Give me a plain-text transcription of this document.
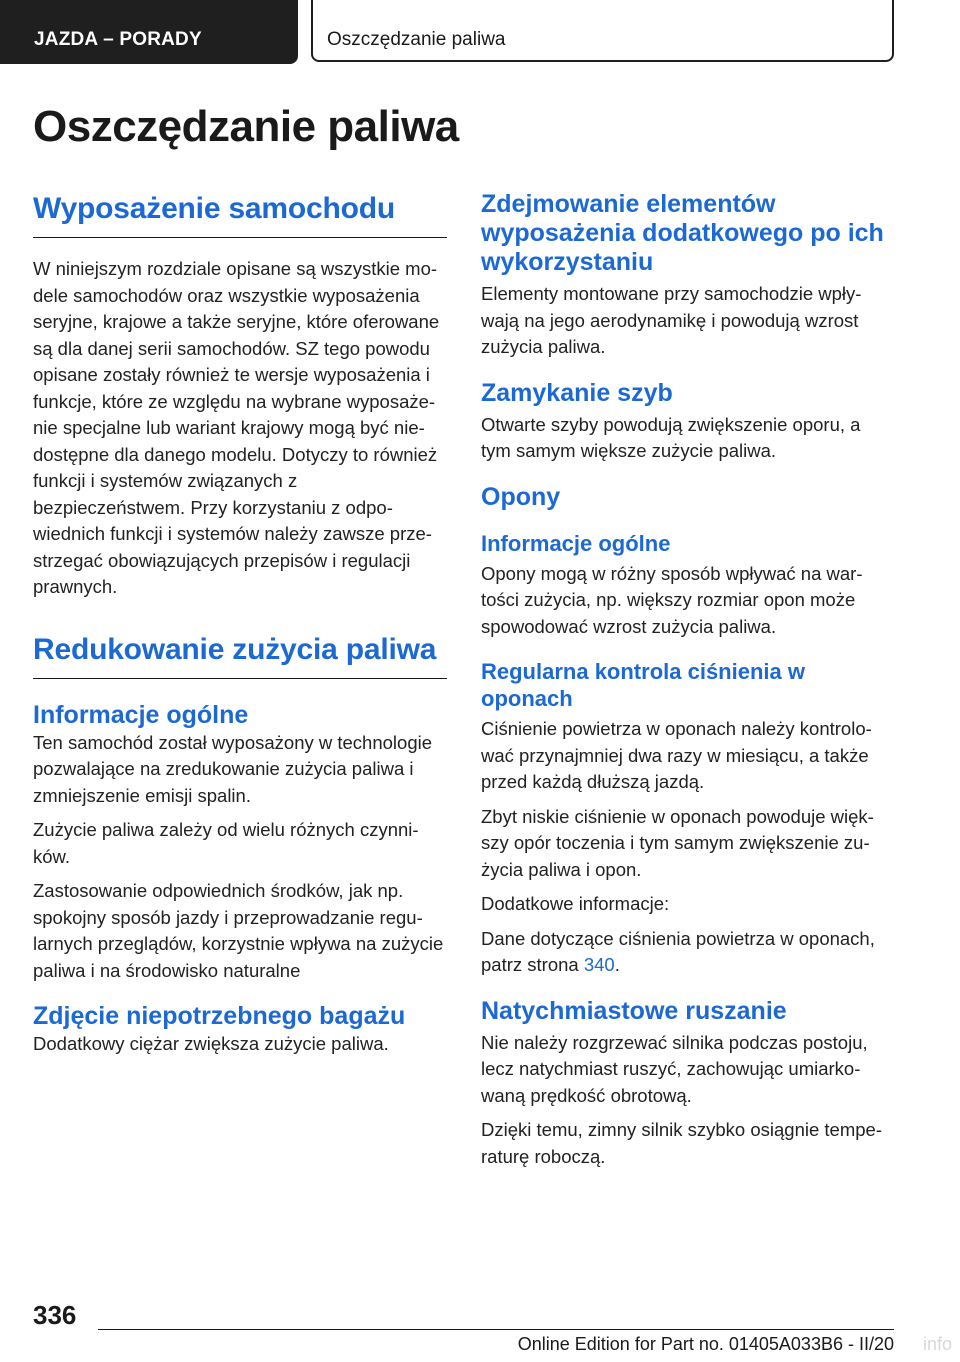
JAZDA – PORADY	Oszczędzanie paliwa
Oszczędzanie paliwa
Wyposażenie samochodu

W niniejszym rozdziale opisane są wszystkie modele samochodów oraz wszystkie wyposażenia seryjne, krajowe a także seryjne, które oferowane są dla danej serii samochodów. SZ tego powodu opisane zostały również te wersje wyposażenia i funkcje, które ze względu na wybrane wyposażenie specjalne lub wariant krajowy mogą być niedostępne dla danego modelu. Dotyczy to również funkcji i systemów związanych z bezpieczeństwem. Przy korzystaniu z odpowiednich funkcji i systemów należy zawsze przestrzegać obowiązujących przepisów i regulacji prawnych.

Redukowanie zużycia paliwa
Informacje ogólne

Ten samochód został wyposażony w technologie pozwalające na zredukowanie zużycia paliwa i zmniejszenie emisji spalin.

Zużycie paliwa zależy od wielu różnych czynników.

Zastosowanie odpowiednich środków, jak np. spokojny sposób jazdy i przeprowadzanie regularnych przeglądów, korzystnie wpływa na zużycie paliwa i na środowisko naturalne

Zdjęcie niepotrzebnego bagażu

Dodatkowy ciężar zwiększa zużycie paliwa.

Zdejmowanie elementów wyposażenia dodatkowego po ich wykorzystaniu

Elementy montowane przy samochodzie wpływają na jego aerodynamikę i powodują wzrost zużycia paliwa.

Zamykanie szyb

Otwarte szyby powodują zwiększenie oporu, a tym samym większe zużycie paliwa.

Opony
Informacje ogólne

Opony mogą w różny sposób wpływać na wartości zużycia, np. większy rozmiar opon może spowodować wzrost zużycia paliwa.

Regularna kontrola ciśnienia w oponach

Ciśnienie powietrza w oponach należy kontrolować przynajmniej dwa razy w miesiącu, a także przed każdą dłuższą jazdą.

Zbyt niskie ciśnienie w oponach powoduje większy opór toczenia i tym samym zwiększenie zużycia paliwa i opon.

Dodatkowe informacje:

Dane dotyczące ciśnienia powietrza w oponach, patrz strona 340.

Natychmiastowe ruszanie

Nie należy rozgrzewać silnika podczas postoju, lecz natychmiast ruszyć, zachowując umiarkowaną prędkość obrotową.

Dzięki temu, zimny silnik szybko osiągnie temperaturę roboczą.

336
Online Edition for Part no. 01405A033B6 - II/20 info
